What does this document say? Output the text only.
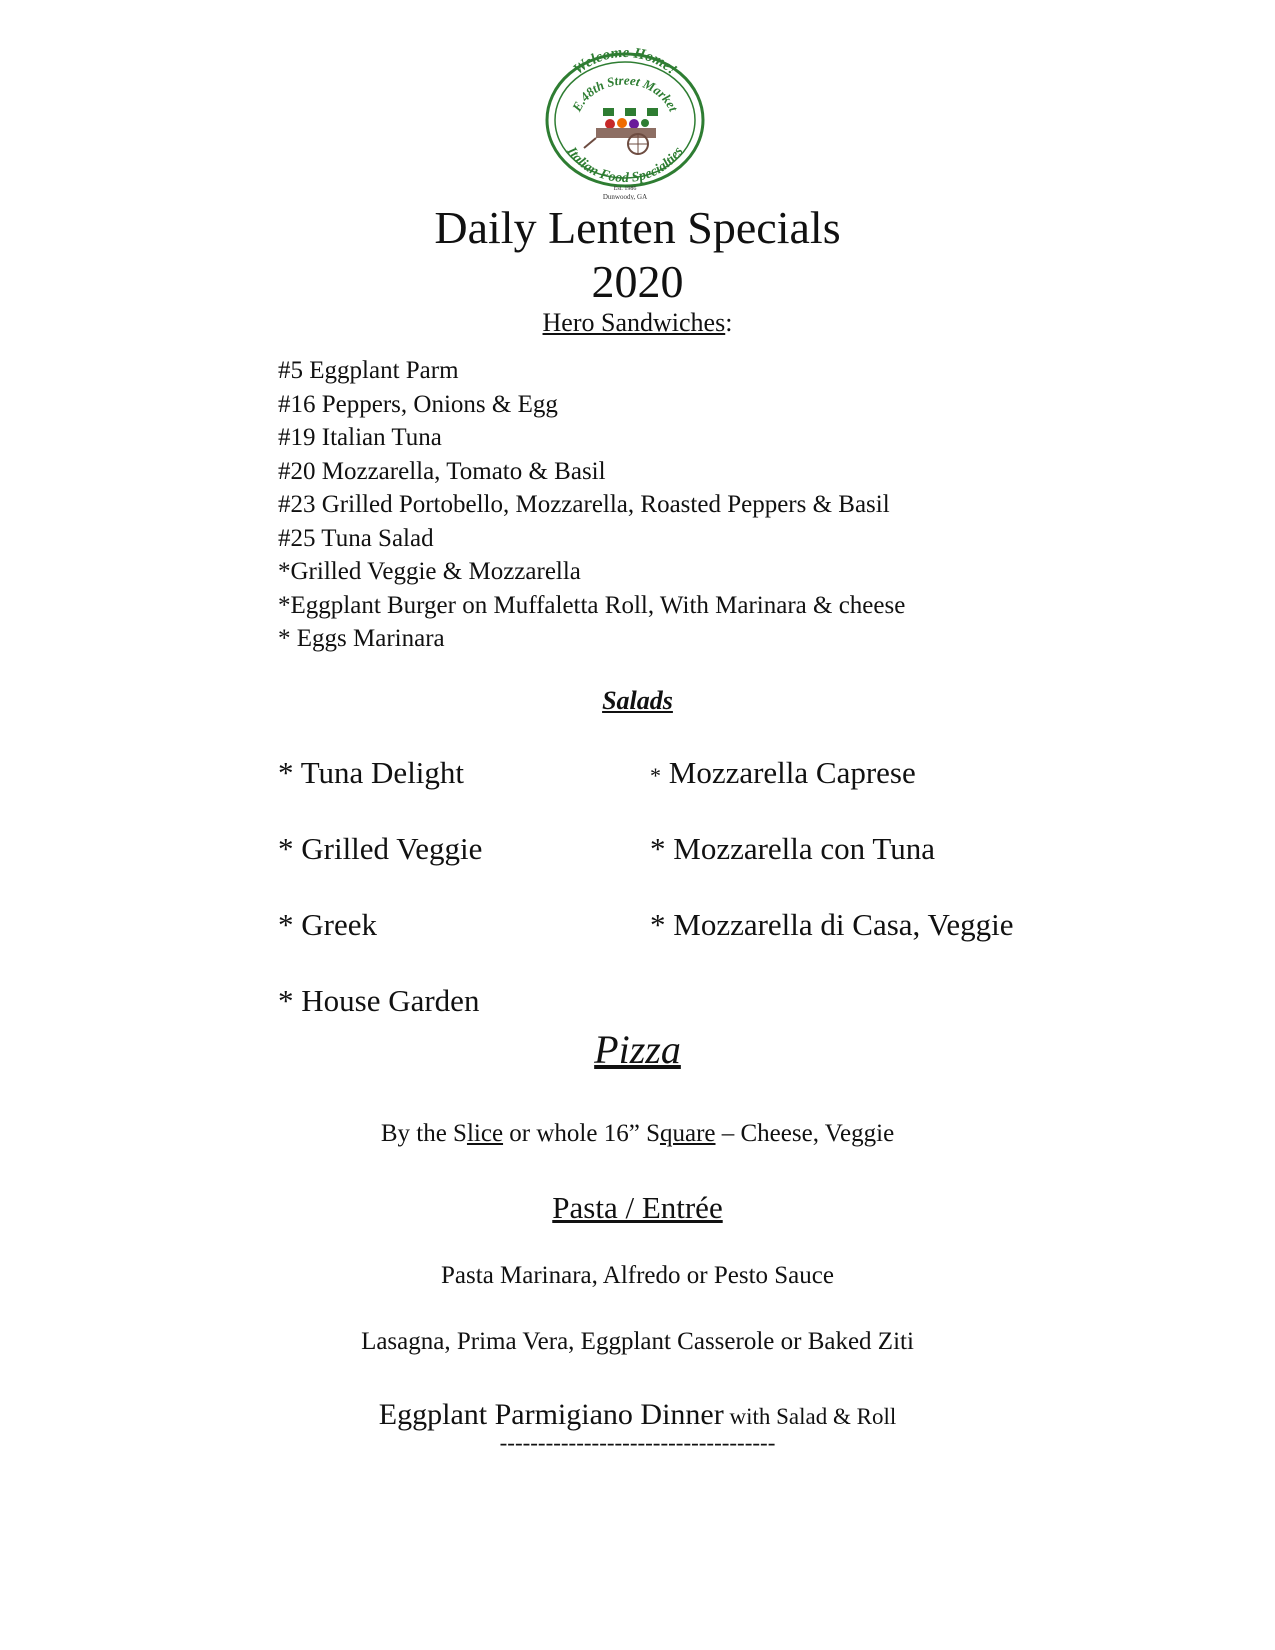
Welcome Home!
E.48th Street Market
Italian Food Specialties
Est. 1986
Dunwoody, GA
Daily Lenten Specials
2020
Hero Sandwiches:
#5 Eggplant Parm
#16 Peppers, Onions & Egg
#19 Italian Tuna
#20 Mozzarella, Tomato & Basil
#23 Grilled Portobello, Mozzarella, Roasted Peppers & Basil
#25 Tuna Salad
*Grilled Veggie & Mozzarella
*Eggplant Burger on Muffaletta Roll, With Marinara & cheese
* Eggs Marinara
Salads
* Tuna Delight
* Grilled Veggie
* Greek
* House Garden
* Mozzarella Caprese
* Mozzarella con Tuna
* Mozzarella di Casa, Veggie
Pizza
By the Slice or whole 16” Square – Cheese, Veggie
Pasta / Entrée
Pasta Marinara, Alfredo or Pesto Sauce
Lasagna, Prima Vera, Eggplant Casserole or Baked Ziti
Eggplant Parmigiano Dinner with Salad & Roll
------------------------------------
